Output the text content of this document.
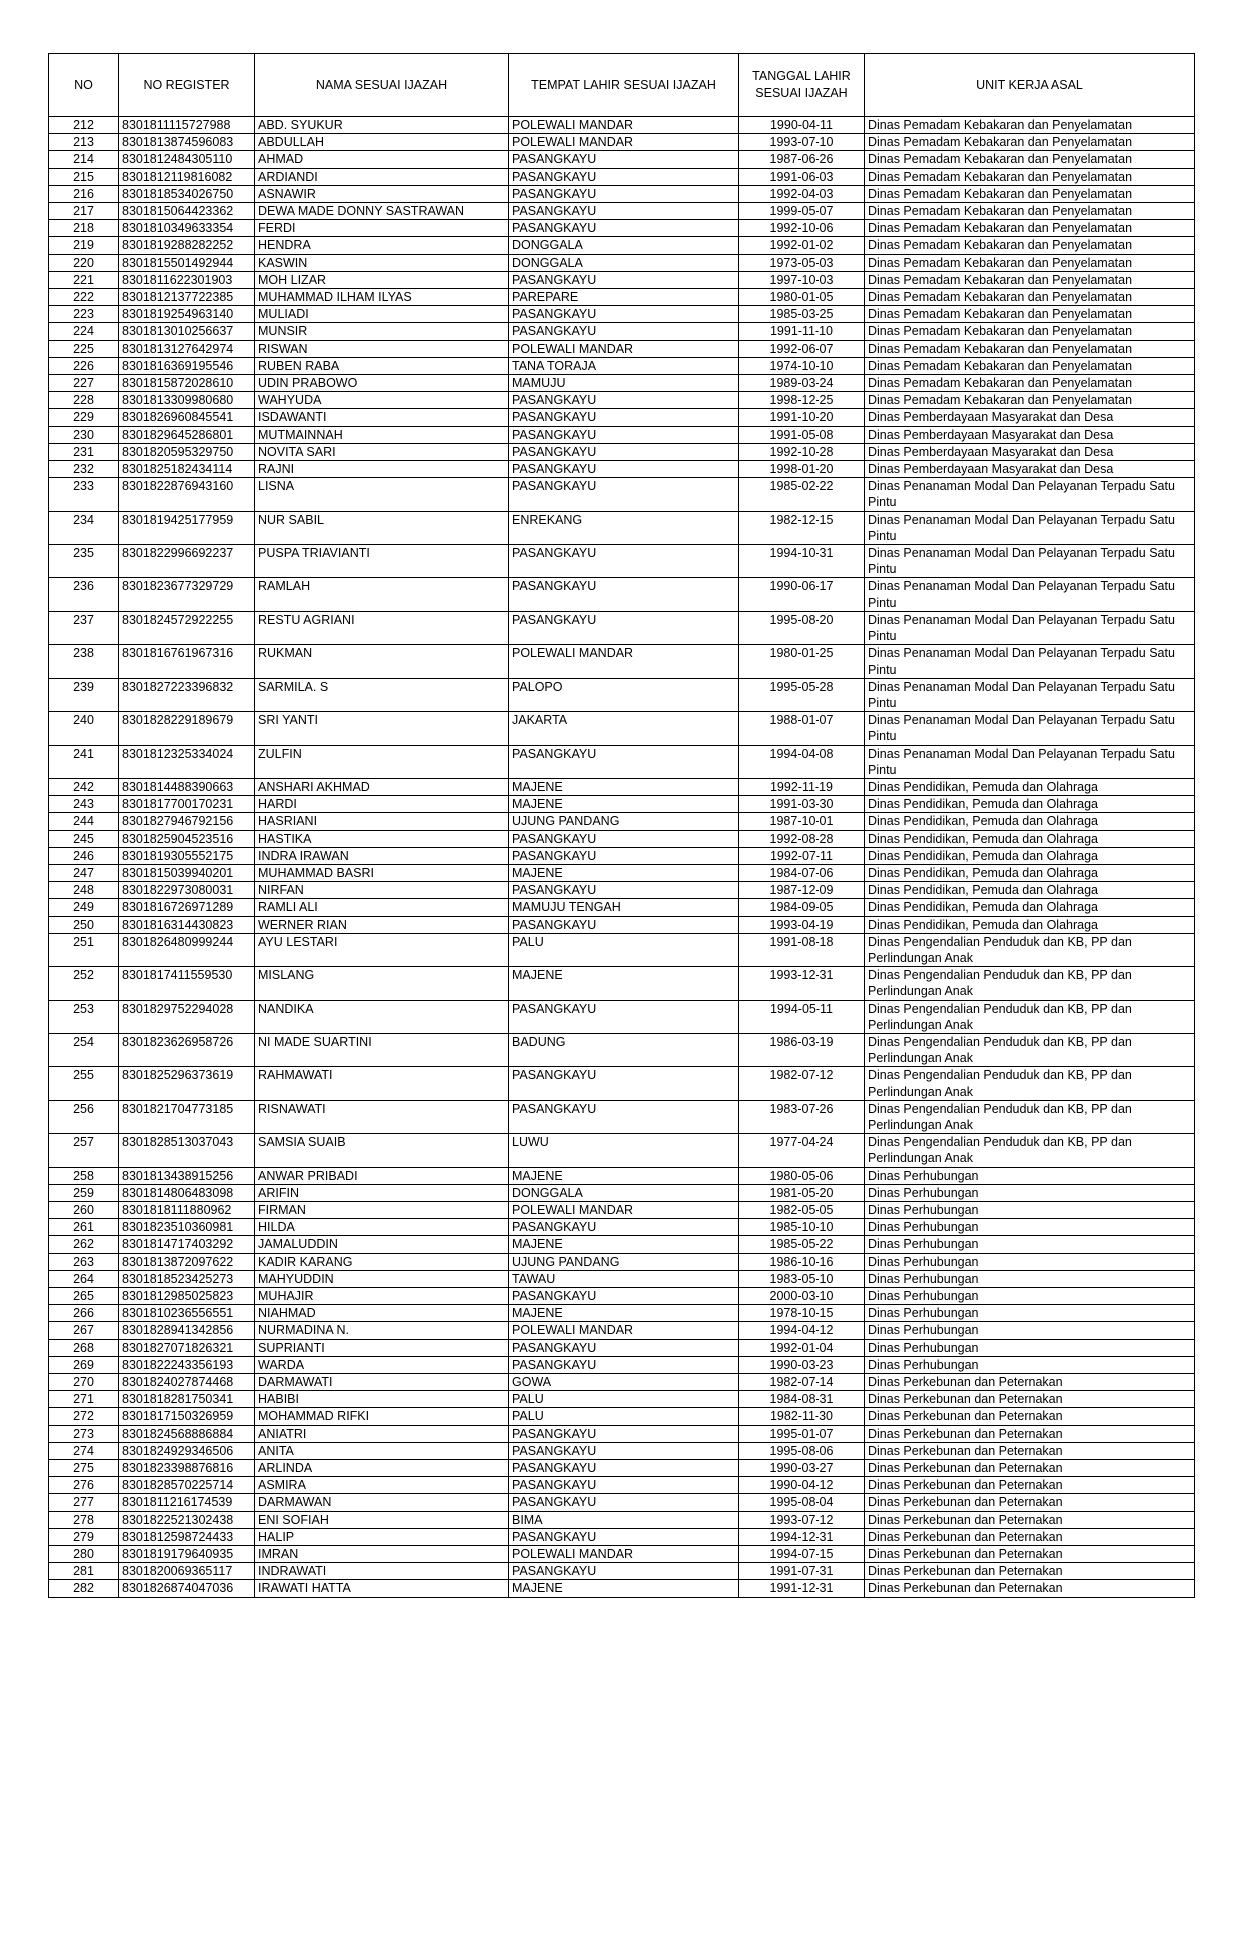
NO	NO REGISTER	NAMA SESUAI IJAZAH	TEMPAT LAHIR SESUAI IJAZAH	TANGGAL LAHIR SESUAI IJAZAH	UNIT KERJA ASAL
212	8301811115727988	ABD. SYUKUR	POLEWALI MANDAR	1990-04-11	Dinas Pemadam Kebakaran dan Penyelamatan
213	8301813874596083	ABDULLAH	POLEWALI MANDAR	1993-07-10	Dinas Pemadam Kebakaran dan Penyelamatan
214	8301812484305110	AHMAD	PASANGKAYU	1987-06-26	Dinas Pemadam Kebakaran dan Penyelamatan
215	8301812119816082	ARDIANDI	PASANGKAYU	1991-06-03	Dinas Pemadam Kebakaran dan Penyelamatan
216	8301818534026750	ASNAWIR	PASANGKAYU	1992-04-03	Dinas Pemadam Kebakaran dan Penyelamatan
217	8301815064423362	DEWA MADE DONNY SASTRAWAN	PASANGKAYU	1999-05-07	Dinas Pemadam Kebakaran dan Penyelamatan
218	8301810349633354	FERDI	PASANGKAYU	1992-10-06	Dinas Pemadam Kebakaran dan Penyelamatan
219	8301819288282252	HENDRA	DONGGALA	1992-01-02	Dinas Pemadam Kebakaran dan Penyelamatan
220	8301815501492944	KASWIN	DONGGALA	1973-05-03	Dinas Pemadam Kebakaran dan Penyelamatan
221	8301811622301903	MOH LIZAR	PASANGKAYU	1997-10-03	Dinas Pemadam Kebakaran dan Penyelamatan
222	8301812137722385	MUHAMMAD ILHAM ILYAS	PAREPARE	1980-01-05	Dinas Pemadam Kebakaran dan Penyelamatan
223	8301819254963140	MULIADI	PASANGKAYU	1985-03-25	Dinas Pemadam Kebakaran dan Penyelamatan
224	8301813010256637	MUNSIR	PASANGKAYU	1991-11-10	Dinas Pemadam Kebakaran dan Penyelamatan
225	8301813127642974	RISWAN	POLEWALI MANDAR	1992-06-07	Dinas Pemadam Kebakaran dan Penyelamatan
226	8301816369195546	RUBEN RABA	TANA TORAJA	1974-10-10	Dinas Pemadam Kebakaran dan Penyelamatan
227	8301815872028610	UDIN PRABOWO	MAMUJU	1989-03-24	Dinas Pemadam Kebakaran dan Penyelamatan
228	8301813309980680	WAHYUDA	PASANGKAYU	1998-12-25	Dinas Pemadam Kebakaran dan Penyelamatan
229	8301826960845541	ISDAWANTI	PASANGKAYU	1991-10-20	Dinas Pemberdayaan Masyarakat dan Desa
230	8301829645286801	MUTMAINNAH	PASANGKAYU	1991-05-08	Dinas Pemberdayaan Masyarakat dan Desa
231	8301820595329750	NOVITA SARI	PASANGKAYU	1992-10-28	Dinas Pemberdayaan Masyarakat dan Desa
232	8301825182434114	RAJNI	PASANGKAYU	1998-01-20	Dinas Pemberdayaan Masyarakat dan Desa
233	8301822876943160	LISNA	PASANGKAYU	1985-02-22	Dinas Penanaman Modal Dan Pelayanan Terpadu Satu Pintu
234	8301819425177959	NUR SABIL	ENREKANG	1982-12-15	Dinas Penanaman Modal Dan Pelayanan Terpadu Satu Pintu
235	8301822996692237	PUSPA TRIAVIANTI	PASANGKAYU	1994-10-31	Dinas Penanaman Modal Dan Pelayanan Terpadu Satu Pintu
236	8301823677329729	RAMLAH	PASANGKAYU	1990-06-17	Dinas Penanaman Modal Dan Pelayanan Terpadu Satu Pintu
237	8301824572922255	RESTU AGRIANI	PASANGKAYU	1995-08-20	Dinas Penanaman Modal Dan Pelayanan Terpadu Satu Pintu
238	8301816761967316	RUKMAN	POLEWALI MANDAR	1980-01-25	Dinas Penanaman Modal Dan Pelayanan Terpadu Satu Pintu
239	8301827223396832	SARMILA. S	PALOPO	1995-05-28	Dinas Penanaman Modal Dan Pelayanan Terpadu Satu Pintu
240	8301828229189679	SRI YANTI	JAKARTA	1988-01-07	Dinas Penanaman Modal Dan Pelayanan Terpadu Satu Pintu
241	8301812325334024	ZULFIN	PASANGKAYU	1994-04-08	Dinas Penanaman Modal Dan Pelayanan Terpadu Satu Pintu
242	8301814488390663	ANSHARI AKHMAD	MAJENE	1992-11-19	Dinas Pendidikan, Pemuda dan Olahraga
243	8301817700170231	HARDI	MAJENE	1991-03-30	Dinas Pendidikan, Pemuda dan Olahraga
244	8301827946792156	HASRIANI	UJUNG PANDANG	1987-10-01	Dinas Pendidikan, Pemuda dan Olahraga
245	8301825904523516	HASTIKA	PASANGKAYU	1992-08-28	Dinas Pendidikan, Pemuda dan Olahraga
246	8301819305552175	INDRA IRAWAN	PASANGKAYU	1992-07-11	Dinas Pendidikan, Pemuda dan Olahraga
247	8301815039940201	MUHAMMAD BASRI	MAJENE	1984-07-06	Dinas Pendidikan, Pemuda dan Olahraga
248	8301822973080031	NIRFAN	PASANGKAYU	1987-12-09	Dinas Pendidikan, Pemuda dan Olahraga
249	8301816726971289	RAMLI ALI	MAMUJU TENGAH	1984-09-05	Dinas Pendidikan, Pemuda dan Olahraga
250	8301816314430823	WERNER RIAN	PASANGKAYU	1993-04-19	Dinas Pendidikan, Pemuda dan Olahraga
251	8301826480999244	AYU LESTARI	PALU	1991-08-18	Dinas Pengendalian Penduduk dan KB, PP dan Perlindungan Anak
252	8301817411559530	MISLANG	MAJENE	1993-12-31	Dinas Pengendalian Penduduk dan KB, PP dan Perlindungan Anak
253	8301829752294028	NANDIKA	PASANGKAYU	1994-05-11	Dinas Pengendalian Penduduk dan KB, PP dan Perlindungan Anak
254	8301823626958726	NI MADE SUARTINI	BADUNG	1986-03-19	Dinas Pengendalian Penduduk dan KB, PP dan Perlindungan Anak
255	8301825296373619	RAHMAWATI	PASANGKAYU	1982-07-12	Dinas Pengendalian Penduduk dan KB, PP dan Perlindungan Anak
256	8301821704773185	RISNAWATI	PASANGKAYU	1983-07-26	Dinas Pengendalian Penduduk dan KB, PP dan Perlindungan Anak
257	8301828513037043	SAMSIA SUAIB	LUWU	1977-04-24	Dinas Pengendalian Penduduk dan KB, PP dan Perlindungan Anak
258	8301813438915256	ANWAR PRIBADI	MAJENE	1980-05-06	Dinas Perhubungan
259	8301814806483098	ARIFIN	DONGGALA	1981-05-20	Dinas Perhubungan
260	8301818111880962	FIRMAN	POLEWALI MANDAR	1982-05-05	Dinas Perhubungan
261	8301823510360981	HILDA	PASANGKAYU	1985-10-10	Dinas Perhubungan
262	8301814717403292	JAMALUDDIN	MAJENE	1985-05-22	Dinas Perhubungan
263	8301813872097622	KADIR KARANG	UJUNG PANDANG	1986-10-16	Dinas Perhubungan
264	8301818523425273	MAHYUDDIN	TAWAU	1983-05-10	Dinas Perhubungan
265	8301812985025823	MUHAJIR	PASANGKAYU	2000-03-10	Dinas Perhubungan
266	8301810236556551	NIAHMAD	MAJENE	1978-10-15	Dinas Perhubungan
267	8301828941342856	NURMADINA N.	POLEWALI MANDAR	1994-04-12	Dinas Perhubungan
268	8301827071826321	SUPRIANTI	PASANGKAYU	1992-01-04	Dinas Perhubungan
269	8301822243356193	WARDA	PASANGKAYU	1990-03-23	Dinas Perhubungan
270	8301824027874468	DARMAWATI	GOWA	1982-07-14	Dinas Perkebunan dan Peternakan
271	8301818281750341	HABIBI	PALU	1984-08-31	Dinas Perkebunan dan Peternakan
272	8301817150326959	MOHAMMAD RIFKI	PALU	1982-11-30	Dinas Perkebunan dan Peternakan
273	8301824568886884	ANIATRI	PASANGKAYU	1995-01-07	Dinas Perkebunan dan Peternakan
274	8301824929346506	ANITA	PASANGKAYU	1995-08-06	Dinas Perkebunan dan Peternakan
275	8301823398876816	ARLINDA	PASANGKAYU	1990-03-27	Dinas Perkebunan dan Peternakan
276	8301828570225714	ASMIRA	PASANGKAYU	1990-04-12	Dinas Perkebunan dan Peternakan
277	8301811216174539	DARMAWAN	PASANGKAYU	1995-08-04	Dinas Perkebunan dan Peternakan
278	8301822521302438	ENI SOFIAH	BIMA	1993-07-12	Dinas Perkebunan dan Peternakan
279	8301812598724433	HALIP	PASANGKAYU	1994-12-31	Dinas Perkebunan dan Peternakan
280	8301819179640935	IMRAN	POLEWALI MANDAR	1994-07-15	Dinas Perkebunan dan Peternakan
281	8301820069365117	INDRAWATI	PASANGKAYU	1991-07-31	Dinas Perkebunan dan Peternakan
282	8301826874047036	IRAWATI HATTA	MAJENE	1991-12-31	Dinas Perkebunan dan Peternakan
